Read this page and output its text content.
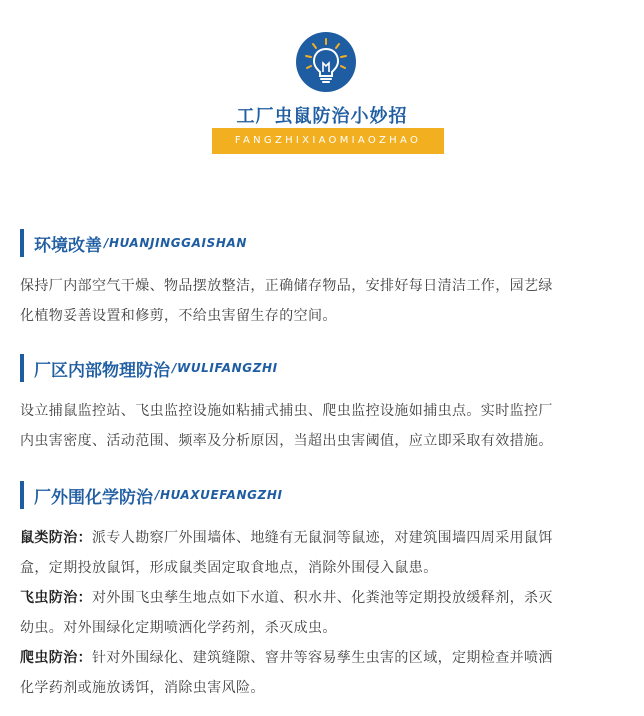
工厂虫鼠防治小妙招
FANGZHIXIAOMIAOZHAO
环境改善 /HUANJINGGAISHAN
保持厂内部空气干燥、物品摆放整洁，正确储存物品，安排好每日清洁工作，园艺绿
化植物妥善设置和修剪，不给虫害留生存的空间。
厂区内部物理防治 /WULIFANGZHI
设立捕鼠监控站、飞虫监控设施如粘捕式捕虫、爬虫监控设施如捕虫点。实时监控厂
内虫害密度、活动范围、频率及分析原因，当超出虫害阈值，应立即采取有效措施。
厂外围化学防治 /HUAXUEFANGZHI
鼠类防治：派专人勘察厂外围墙体、地缝有无鼠洞等鼠迹，对建筑围墙四周采用鼠饵
盒，定期投放鼠饵，形成鼠类固定取食地点，消除外围侵入鼠患。
飞虫防治：对外围飞虫孳生地点如下水道、积水井、化粪池等定期投放缓释剂，杀灭
幼虫。对外围绿化定期喷洒化学药剂，杀灭成虫。
爬虫防治：针对外围绿化、建筑缝隙、窨井等容易孳生虫害的区域，定期检查并喷洒
化学药剂或施放诱饵，消除虫害风险。
